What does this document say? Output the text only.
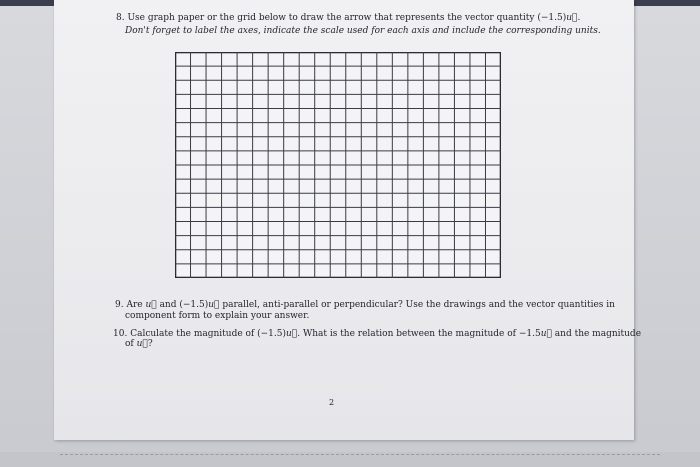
8. Use graph paper or the grid below to draw the arrow that represents the vector quantity (−1.5)u⃗.
Don't forget to label the axes, indicate the scale used for each axis and include the corresponding units.
9. Are u⃗ and (−1.5)u⃗ parallel, anti-parallel or perpendicular? Use the drawings and the vector quantities in
component form to explain your answer.
10. Calculate the magnitude of (−1.5)u⃗. What is the relation between the magnitude of −1.5u⃗ and the magnitude
of u⃗?
2
